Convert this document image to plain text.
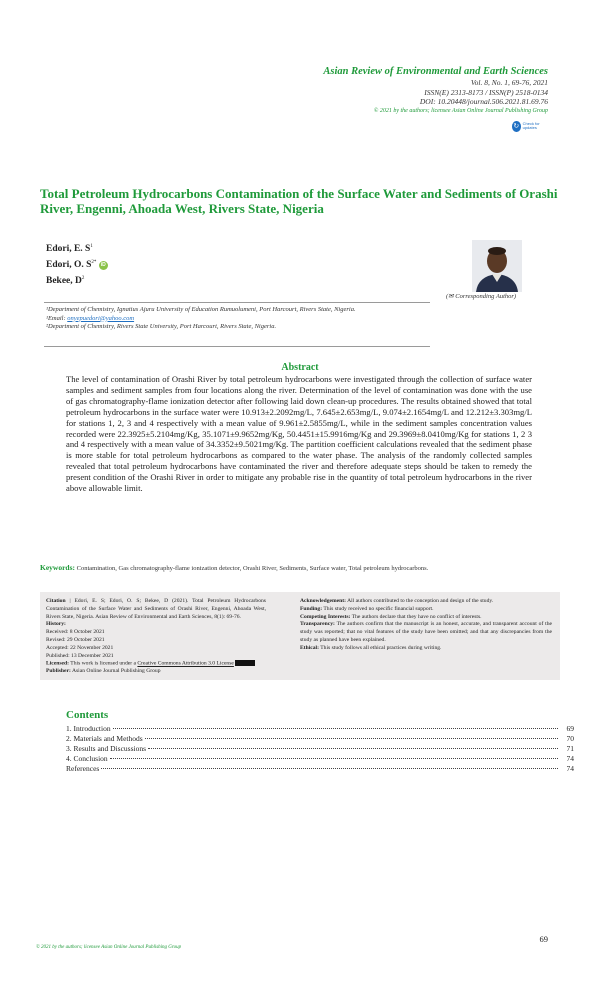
Asian Review of Environmental and Earth Sciences
Vol. 8, No. 1, 69-76, 2021
ISSN(E) 2313-8173 / ISSN(P) 2518-0134
DOI: 10.20448/journal.506.2021.81.69.76
© 2021 by the authors; licensee Asian Online Journal Publishing Group
↻ Check for updates
Total Petroleum Hydrocarbons Contamination of the Surface Water and Sediments of Orashi River, Engenni, Ahoada West, Rivers State, Nigeria
Edori, E. $S^1$
Edori, O. $S^{2*}$ iD
Bekee, $D^2$
(✉ Corresponding Author)
¹Department of Chemistry, Ignatius Ajuru University of Education Rumuolumeni, Port Harcourt, Rivers State, Nigeria.
¹Email: onyepuedori@yahoo.com
²Department of Chemistry, Rivers State University, Port Harcourt, Rivers State, Nigeria.
Abstract
The level of contamination of Orashi River by total petroleum hydrocarbons were investigated through the collection of surface water samples and sediment samples from four locations along the river. Determination of the level of contamination was done with the use of gas chromatography-flame ionization detector after following laid down clean-up procedures. The results obtained showed that total petroleum hydrocarbons in the surface water were 10.913±2.2092mg/L, 7.645±2.653mg/L, 9.074±2.1654mg/L and 12.212±3.303mg/L for stations 1, 2, 3 and 4 respectively with a mean value of 9.961±2.5855mg/L, while in the sediment samples concentration values recorded were 22.3925±5.2104mg/Kg, 35.1071±9.9652mg/Kg, 50.4451±15.9916mg/Kg and 29.3969±8.0410mg/Kg for stations 1, 2 3 and 4 respectively with a mean value of 34.3352±9.5021mg/Kg. The partition coefficient calculations revealed that the sediment phase is more stable for total petroleum hydrocarbons as compared to the water phase. The analysis of the randomly collected samples revealed that total petroleum hydrocarbons have contaminated the river and therefore adequate steps should be taken to remedy the present condition of the Orashi River in order to mitigate any probable rise in the quantity of total petroleum hydrocarbons in the river above allowable limit.
Keywords: Contamination, Gas chromatography-flame ionization detector, Orashi River, Sediments, Surface water, Total petroleum hydrocarbons.
Citation | Edori, E. S; Edori, O. S; Bekee, D (2021). Total Petroleum Hydrocarbons Contamination of the Surface Water and Sediments of Orashi River, Engenni, Ahoada West, Rivers State, Nigeria. Asian Review of Environmental and Earth Sciences, 8(1): 69-76.
History:
Received: 8 October 2021
Revised: 29 October 2021
Accepted: 22 November 2021
Published: 13 December 2021
Licensed: This work is licensed under a Creative Commons Attribution 3.0 License
Publisher: Asian Online Journal Publishing Group
Acknowledgement: All authors contributed to the conception and design of the study.
Funding: This study received no specific financial support.
Competing Interests: The authors declare that they have no conflict of interests.
Transparency: The authors confirm that the manuscript is an honest, accurate, and transparent account of the study was reported; that no vital features of the study have been omitted; and that any discrepancies from the study as planned have been explained.
Ethical: This study follows all ethical practices during writing.
Contents
1. Introduction	69
2. Materials and Methods	70
3. Results and Discussions	71
4. Conclusion	74
References	74
69
© 2021 by the authors; licensee Asian Online Journal Publishing Group
